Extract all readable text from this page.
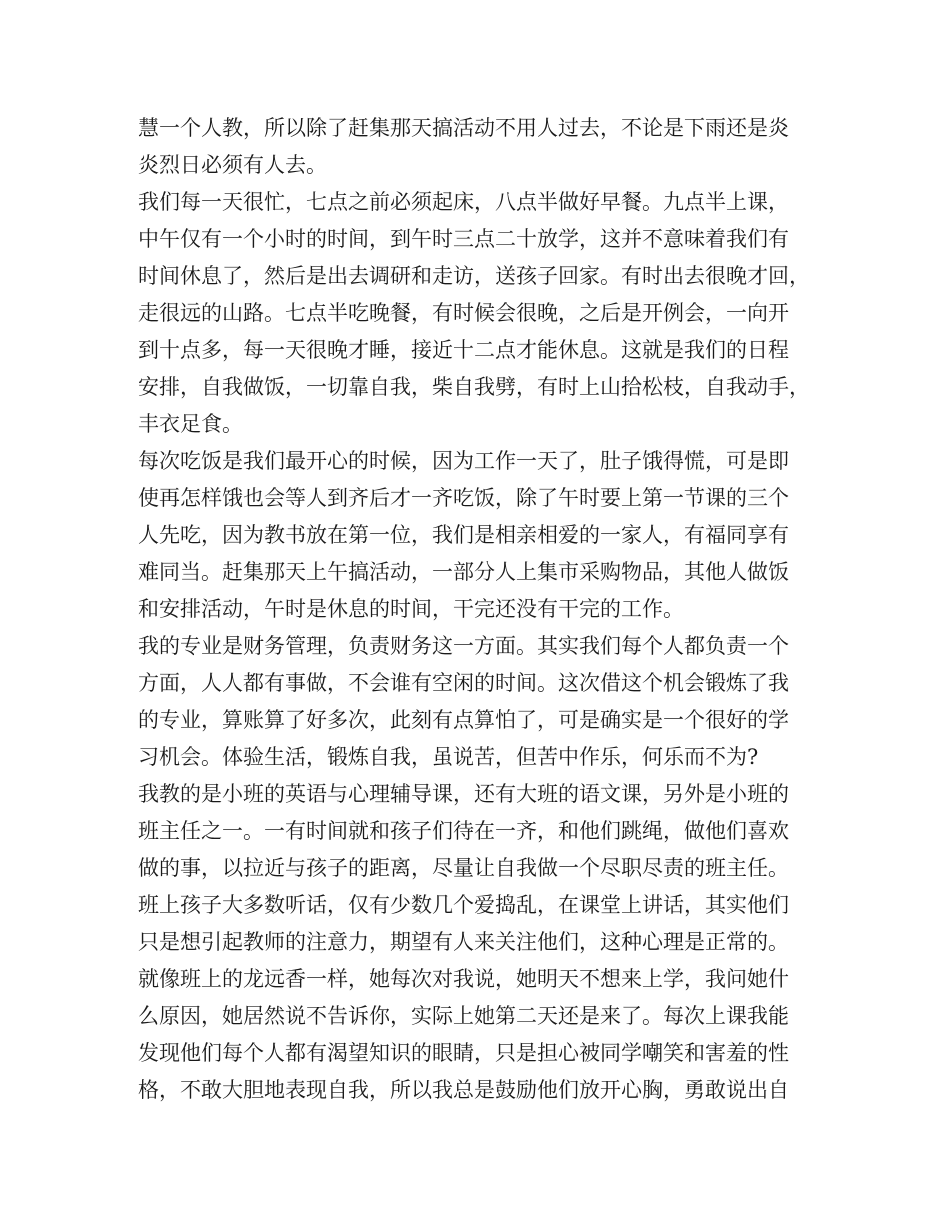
慧一个人教，所以除了赶集那天搞活动不用人过去，不论是下雨还是炎
炎烈日必须有人去。
我们每一天很忙，七点之前必须起床，八点半做好早餐。九点半上课，
中午仅有一个小时的时间，到午时三点二十放学，这并不意味着我们有
时间休息了，然后是出去调研和走访，送孩子回家。有时出去很晚才回，
走很远的山路。七点半吃晚餐，有时候会很晚，之后是开例会，一向开
到十点多，每一天很晚才睡，接近十二点才能休息。这就是我们的日程
安排，自我做饭，一切靠自我，柴自我劈，有时上山拾松枝，自我动手，
丰衣足食。
每次吃饭是我们最开心的时候，因为工作一天了，肚子饿得慌，可是即
使再怎样饿也会等人到齐后才一齐吃饭，除了午时要上第一节课的三个
人先吃，因为教书放在第一位，我们是相亲相爱的一家人，有福同享有
难同当。赶集那天上午搞活动，一部分人上集市采购物品，其他人做饭
和安排活动，午时是休息的时间，干完还没有干完的工作。
我的专业是财务管理，负责财务这一方面。其实我们每个人都负责一个
方面，人人都有事做，不会谁有空闲的时间。这次借这个机会锻炼了我
的专业，算账算了好多次，此刻有点算怕了，可是确实是一个很好的学
习机会。体验生活，锻炼自我，虽说苦，但苦中作乐，何乐而不为?
我教的是小班的英语与心理辅导课，还有大班的语文课，另外是小班的
班主任之一。一有时间就和孩子们待在一齐，和他们跳绳，做他们喜欢
做的事，以拉近与孩子的距离，尽量让自我做一个尽职尽责的班主任。
班上孩子大多数听话，仅有少数几个爱捣乱，在课堂上讲话，其实他们
只是想引起教师的注意力，期望有人来关注他们，这种心理是正常的。
就像班上的龙远香一样，她每次对我说，她明天不想来上学，我问她什
么原因，她居然说不告诉你，实际上她第二天还是来了。每次上课我能
发现他们每个人都有渴望知识的眼睛，只是担心被同学嘲笑和害羞的性
格，不敢大胆地表现自我，所以我总是鼓励他们放开心胸，勇敢说出自
